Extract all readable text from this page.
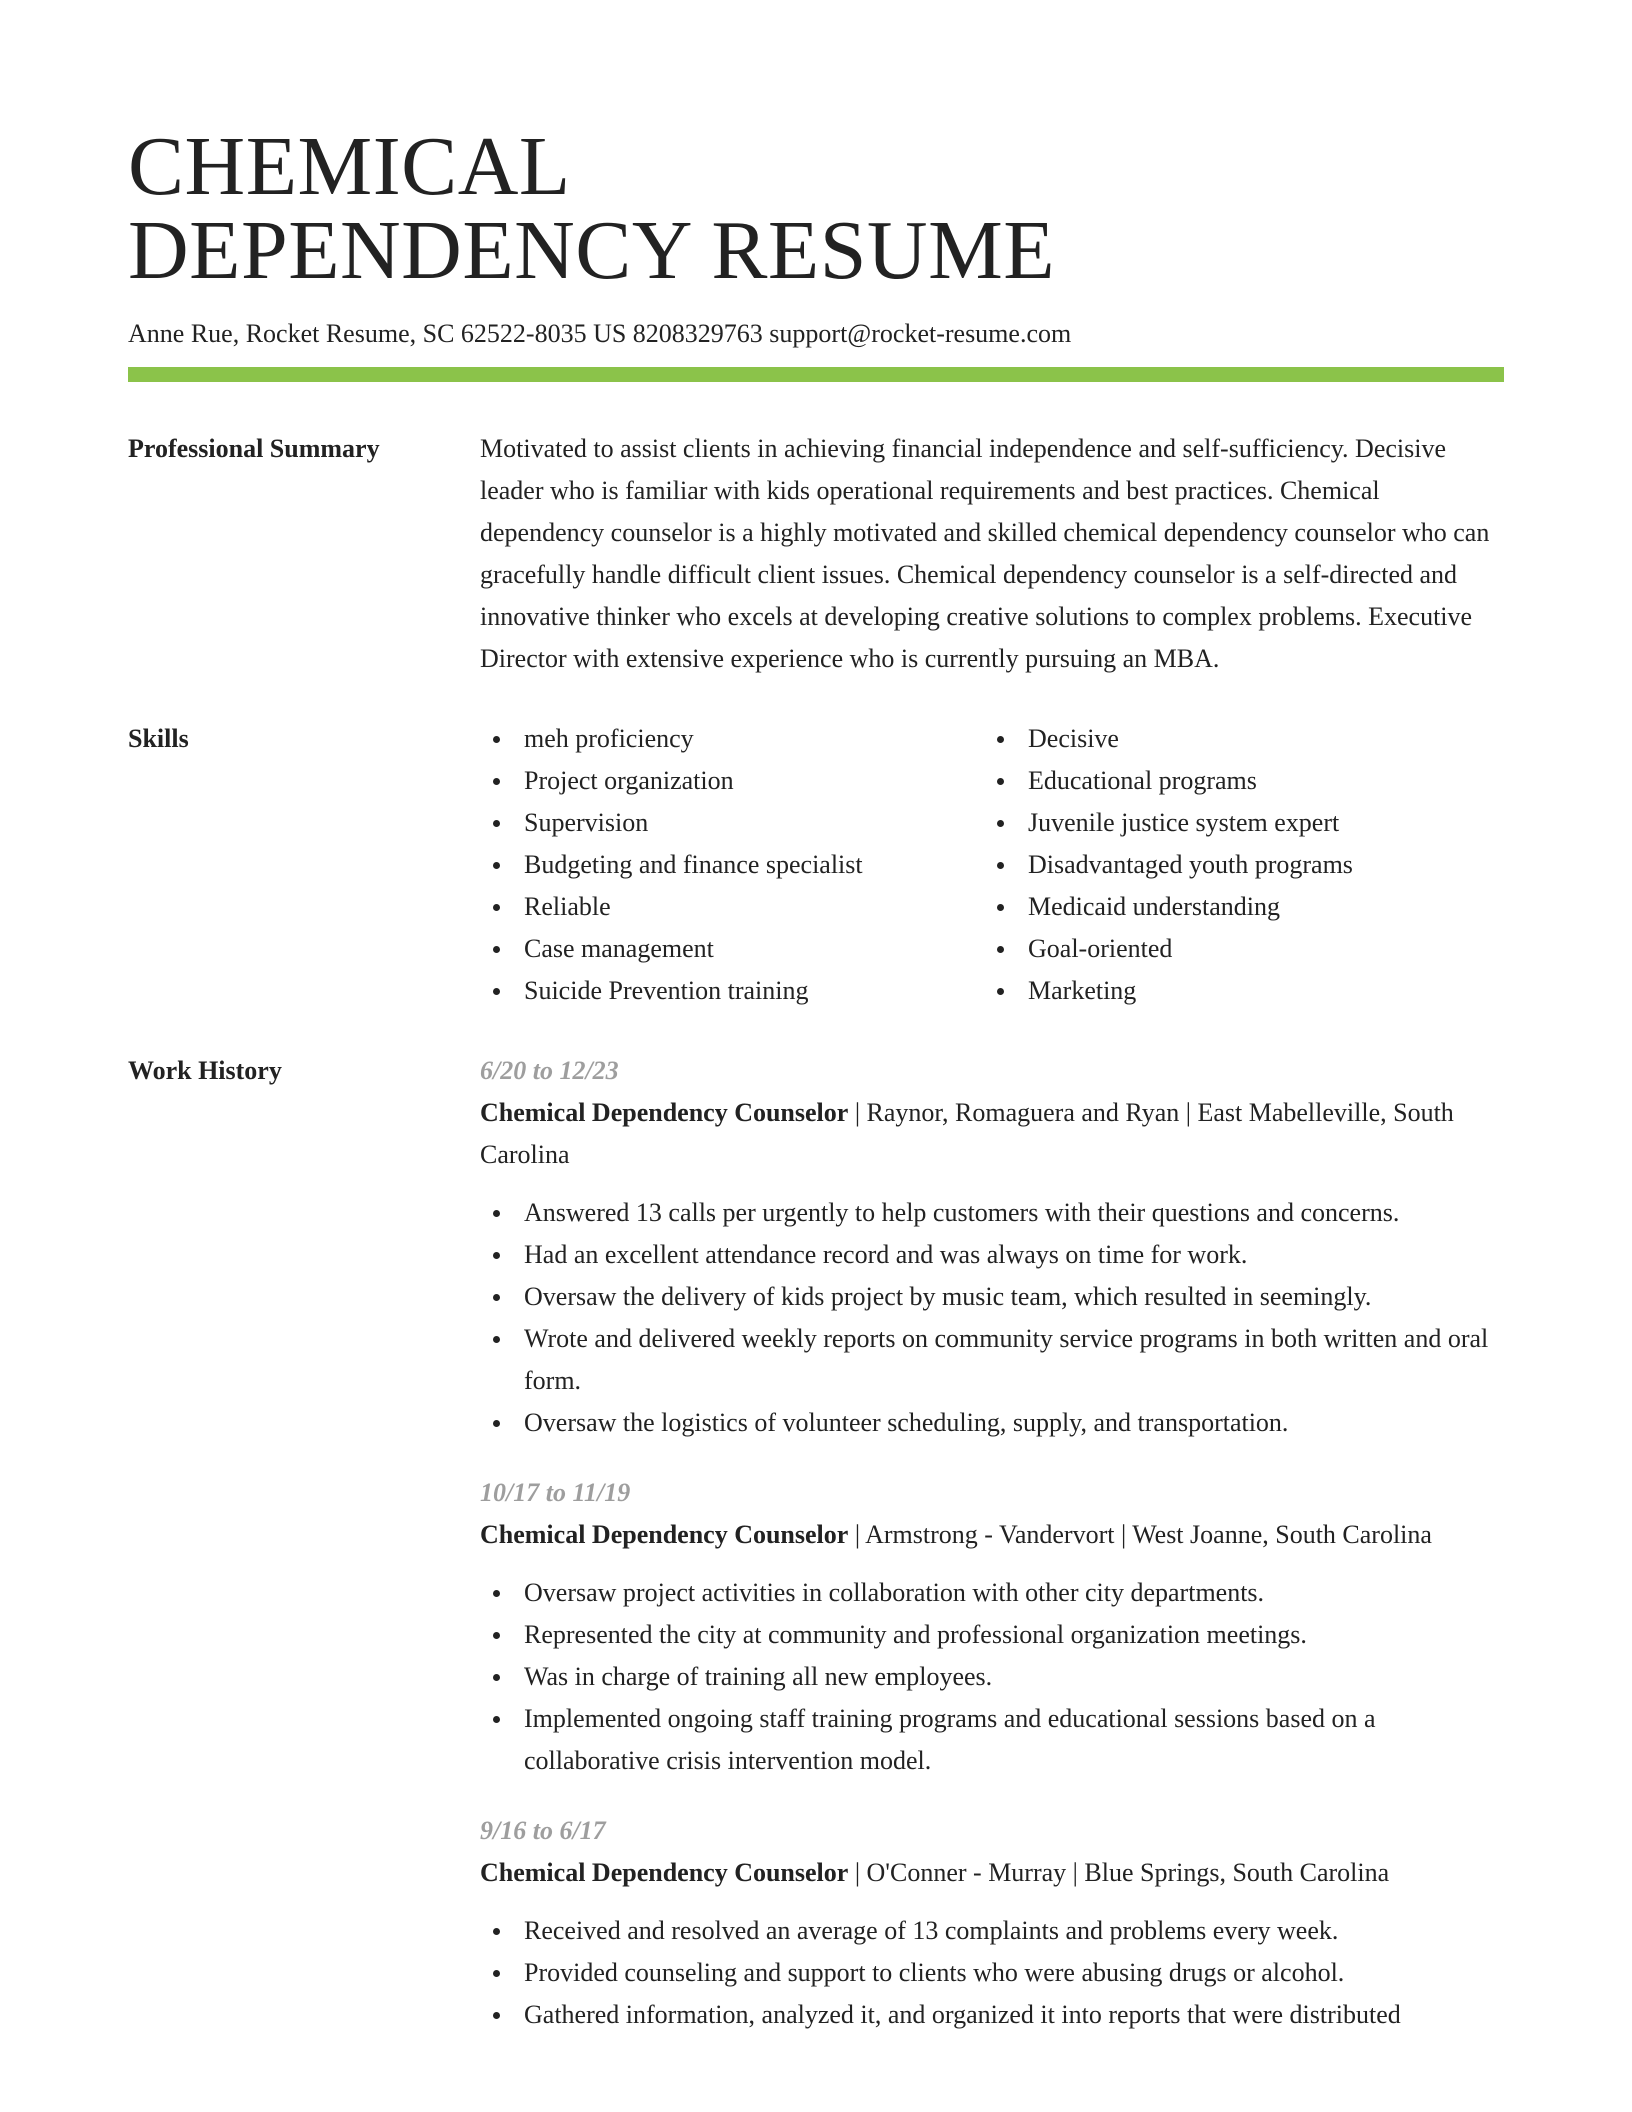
CHEMICAL
DEPENDENCY RESUME
Anne Rue, Rocket Resume, SC 62522-8035 US 8208329763 support@rocket-resume.com
Professional Summary	Motivated to assist clients in achieving financial independence and self-sufficiency. Decisive leader who is familiar with kids operational requirements and best practices. Chemical dependency counselor is a highly motivated and skilled chemical dependency counselor who can gracefully handle difficult client issues. Chemical dependency counselor is a self-directed and innovative thinker who excels at developing creative solutions to complex problems. Executive Director with extensive experience who is currently pursuing an MBA.

Skills	meh proficiency
Project organization
Supervision
Budgeting and finance specialist
Reliable
Case management
Suicide Prevention training
Decisive
Educational programs
Juvenile justice system expert
Disadvantaged youth programs
Medicaid understanding
Goal-oriented
Marketing
Work History	6/20 to 12/23
Chemical Dependency Counselor | Raynor, Romaguera and Ryan | East Mabelleville, South Carolina
Answered 13 calls per urgently to help customers with their questions and concerns.
Had an excellent attendance record and was always on time for work.
Oversaw the delivery of kids project by music team, which resulted in seemingly.
Wrote and delivered weekly reports on community service programs in both written and oral form.
Oversaw the logistics of volunteer scheduling, supply, and transportation.
10/17 to 11/19
Chemical Dependency Counselor | Armstrong - Vandervort | West Joanne, South Carolina
Oversaw project activities in collaboration with other city departments.
Represented the city at community and professional organization meetings.
Was in charge of training all new employees.
Implemented ongoing staff training programs and educational sessions based on a collaborative crisis intervention model.
9/16 to 6/17
Chemical Dependency Counselor | O'Conner - Murray | Blue Springs, South Carolina
Received and resolved an average of 13 complaints and problems every week.
Provided counseling and support to clients who were abusing drugs or alcohol.
Gathered information, analyzed it, and organized it into reports that were distributed
